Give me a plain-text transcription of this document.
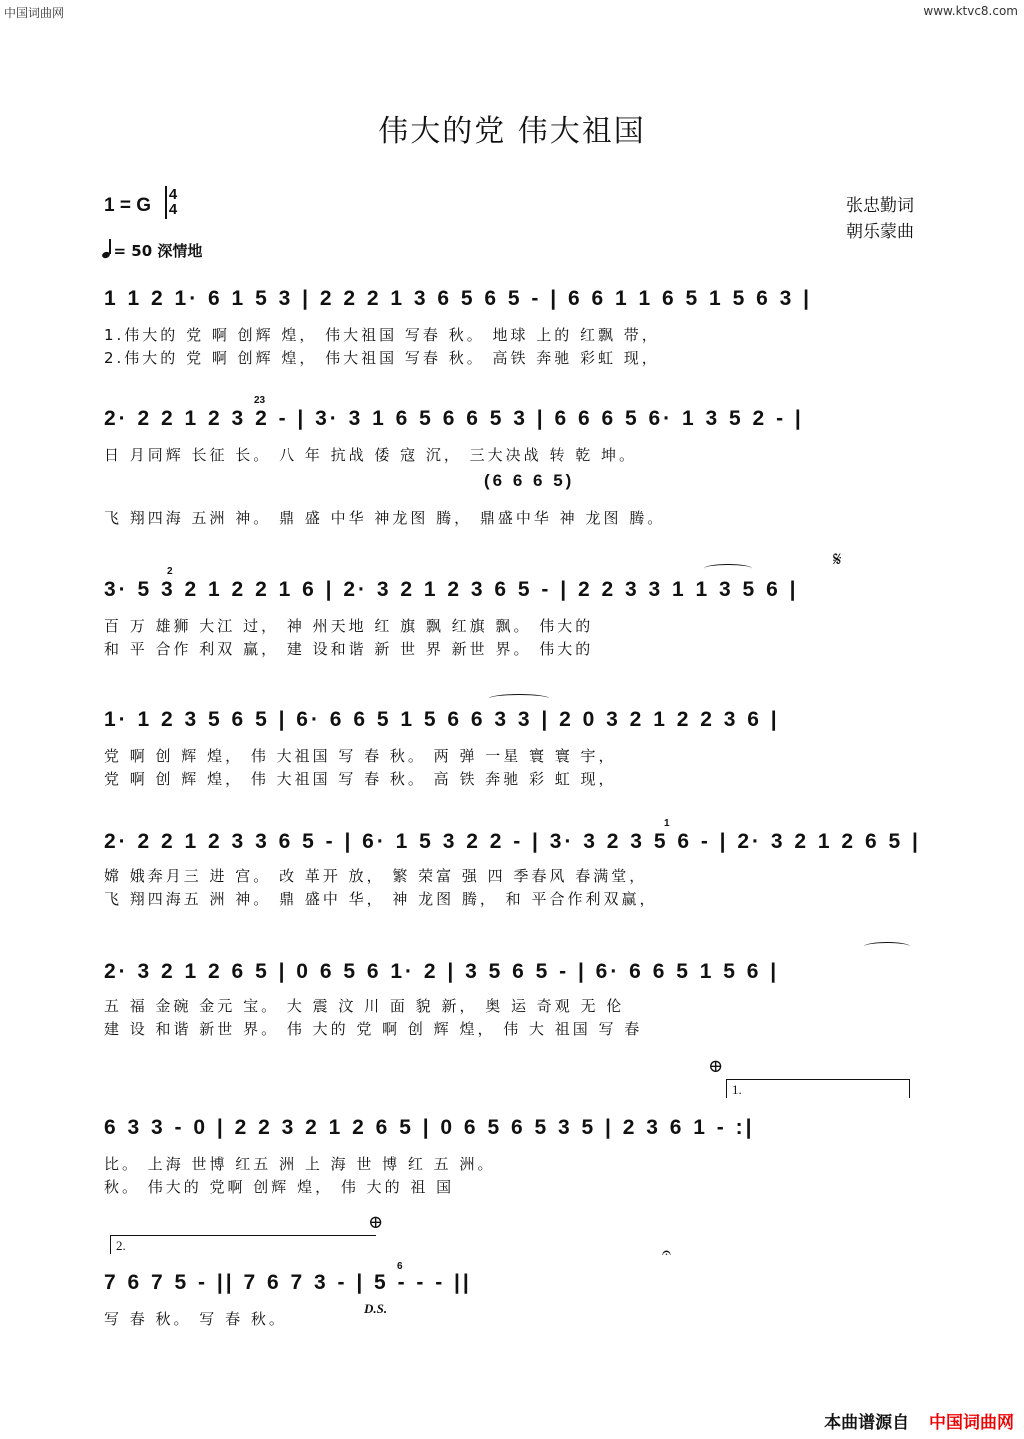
中国词曲网	www.ktvc8.com
伟大的党 伟大祖国
1 = G
4
4
= 50 深情地
张忠勤词
朝乐蒙曲
1 1 2 1· 6 1 5 3 | 2 2 2 1 3 6 5 6 5 - | 6 6 1 1 6 5 1 5 6 3 |
1.伟大的 党 啊 创辉 煌， 伟大祖国 写春 秋。 地球 上的 红飘 带，
2.伟大的 党 啊 创辉 煌， 伟大祖国 写春 秋。 高铁 奔驰 彩虹 现，
23
2· 2 2 1 2 3 2 - | 3· 3 1 6 5 6 6 5 3 | 6 6 6 5 6· 1 3 5 2 - |
日 月同辉 长征 长。 八 年 抗战 倭 寇 沉， 三大决战 转 乾 坤。
(6 6 6 5)
飞 翔四海 五洲 神。 鼎 盛 中华 神龙图 腾， 鼎盛中华 神 龙图 腾。
𝄋
2
3· 5 3 2 1 2 2 1 6 | 2· 3 2 1 2 3 6 5 - | 2 2 3 3 1 1 3 5 6 |
百 万 雄狮 大江 过， 神 州天地 红 旗 飘 红旗 飘。 伟大的
和 平 合作 利双 赢， 建 设和谐 新 世 界 新世 界。 伟大的
1· 1 2 3 5 6 5 | 6· 6 6 5 1 5 6 6 3 3 | 2 0 3 2 1 2 2 3 6 |
党 啊 创 辉 煌， 伟 大祖国 写 春 秋。 两 弹 一星 寰 寰 宇，
党 啊 创 辉 煌， 伟 大祖国 写 春 秋。 高 铁 奔驰 彩 虹 现，
1
2· 2 2 1 2 3 3 6 5 - | 6· 1 5 3 2 2 - | 3· 3 2 3 5 6 - | 2· 3 2 1 2 6 5 |
嫦 娥奔月三 进 宫。 改 革开 放， 繁 荣富 强 四 季春风 春满堂，
飞 翔四海五 洲 神。 鼎 盛中 华， 神 龙图 腾， 和 平合作利双赢，
2· 3 2 1 2 6 5 | 0 6 5 6 1· 2 | 3 5 6 5 - | 6· 6 6 5 1 5 6 |
五 福 金碗 金元 宝。 大 震 汶 川 面 貌 新， 奥 运 奇观 无 伦
建 设 和谐 新世 界。 伟 大的 党 啊 创 辉 煌， 伟 大 祖国 写 春
⊕
1.
6 3 3 - 0 | 2 2 3 2 1 2 6 5 | 0 6 5 6 5 3 5 | 2 3 6 1 - :|
比。 上海 世博 红五 洲 上 海 世 博 红 五 洲。
秋。 伟大的 党啊 创辉 煌， 伟 大的 祖 国
⊕
2.	𝄐
6
7 6 7 5 - || 7 6 7 3 - | 5 - - - ||
D.S.
写 春 秋。 写 春 秋。
本曲谱源自 中国词曲网
